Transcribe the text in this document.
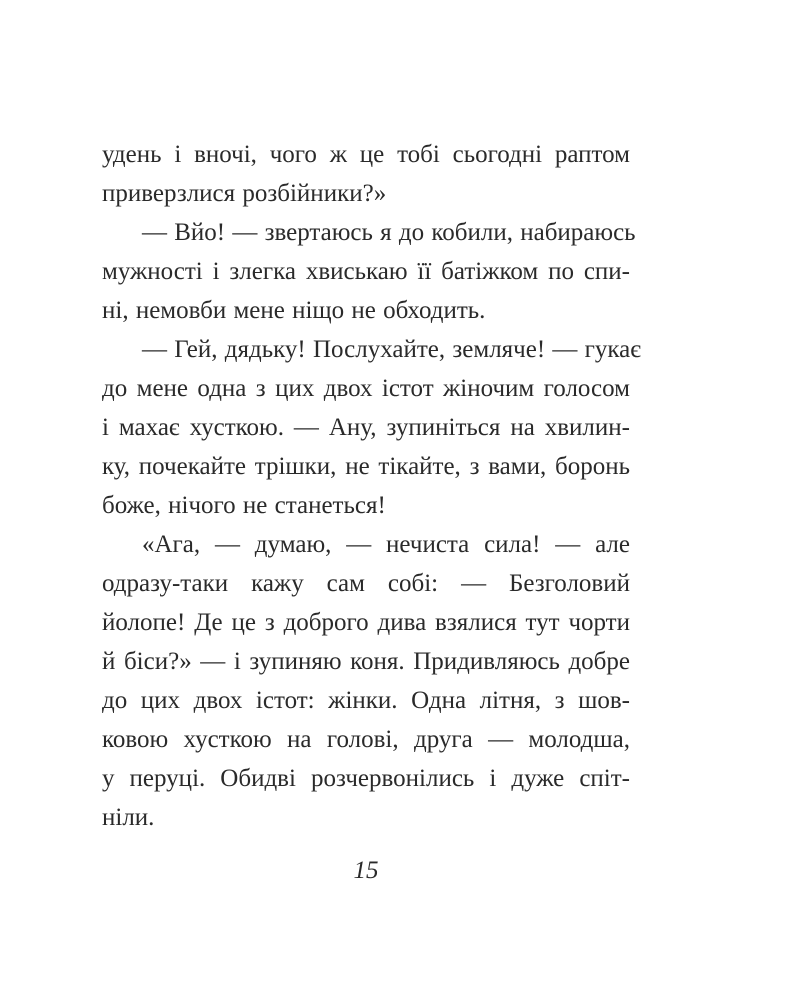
удень і вночі, чого ж це тобі сьогодні раптом
приверзлися розбійники?»
— Вйо! — звертаюсь я до кобили, набираюсь
мужності і злегка хвиськаю її батіжком по спи-
ні, немовби мене ніщо не обходить.
— Гей, дядьку! Послухайте, земляче! — гукає
до мене одна з цих двох істот жіночим голосом
і махає хусткою. — Ану, зупиніться на хвилин-
ку, почекайте трішки, не тікайте, з вами, боронь
боже, нічого не станеться!
«Ага, — думаю, — нечиста сила! — але
одразу-таки кажу сам собі: — Безголовий
йолопе! Де це з доброго дива взялися тут чорти
й біси?» — і зупиняю коня. Придивляюсь добре
до цих двох істот: жінки. Одна літня, з шов-
ковою хусткою на голові, друга — молодша,
у перуці. Обидві розчервонілись і дуже спіт-
ніли.
15
